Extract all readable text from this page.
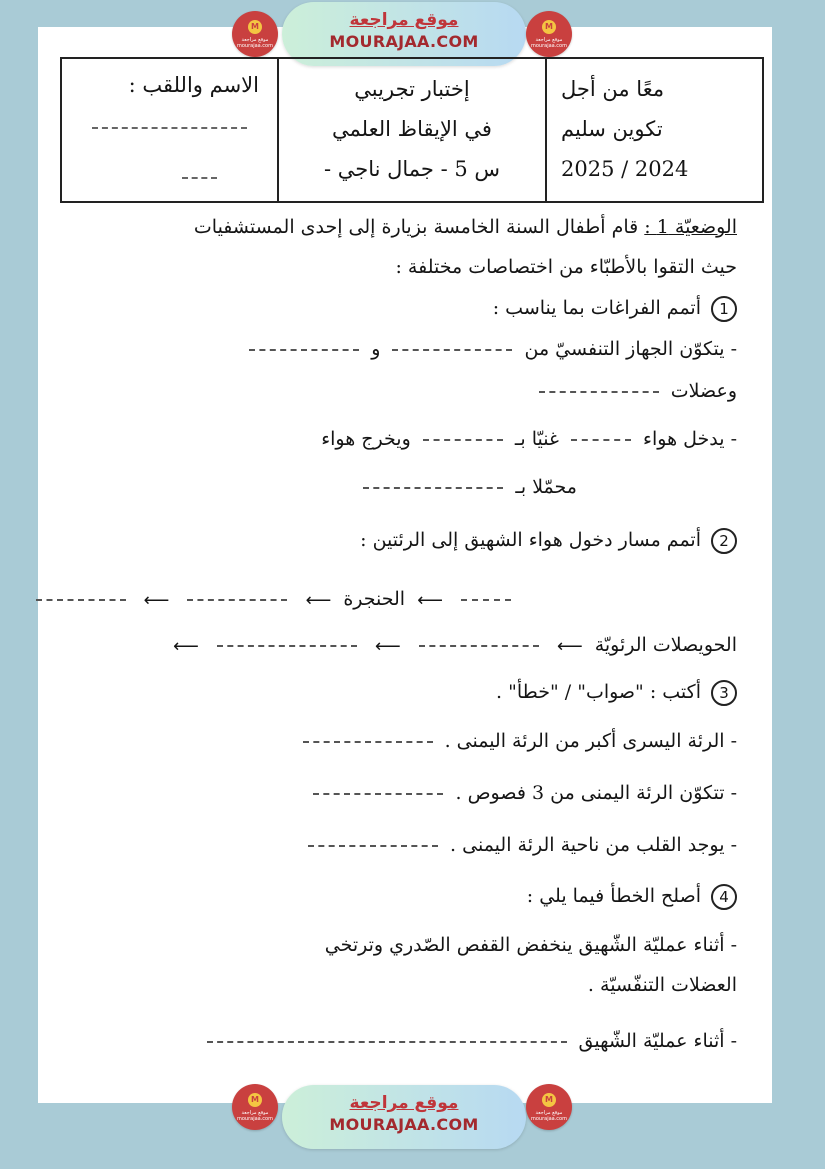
M
موقع مراجعة mourajaa.com
موقع مراجعة
MOURAJAA.COM
M
موقع مراجعة mourajaa.com
معًا من أجل
تكوين سليم
2024 / 2025
إختبار تجريبي
في الإيقاظ العلمي
س 5 - جمال ناجي -
الاسم واللقب :
الوضعيّة 1 : قام أطفال السنة الخامسة بزيارة إلى إحدى المستشفيات
حيث التقوا بالأطبّاء من اختصاصات مختلفة :
1أتمم الفراغات بما يناسب :
- يتكوّن الجهاز التنفسيّ من  و
وعضلات
- يدخل هواء  غنيّا بـ  ويخرج هواء
محمّلا بـ
2أتمم مسار دخول هواء الشهيق إلى الرئتين :
⟵ الحنجرة ⟵  ⟵
الحويصلات الرئويّة ⟵  ⟵  ⟵
3أكتب : "صواب" / "خطأ" .
- الرئة اليسرى أكبر من الرئة اليمنى .
- تتكوّن الرئة اليمنى من 3 فصوص .
- يوجد القلب من ناحية الرئة اليمنى .
4أصلح الخطأ فيما يلي :
- أثناء عمليّة الشّهيق ينخفض القفص الصّدري وترتخي
العضلات التنفّسيّة .
- أثناء عمليّة الشّهيق
M
موقع مراجعة mourajaa.com
موقع مراجعة
MOURAJAA.COM
M
موقع مراجعة mourajaa.com
